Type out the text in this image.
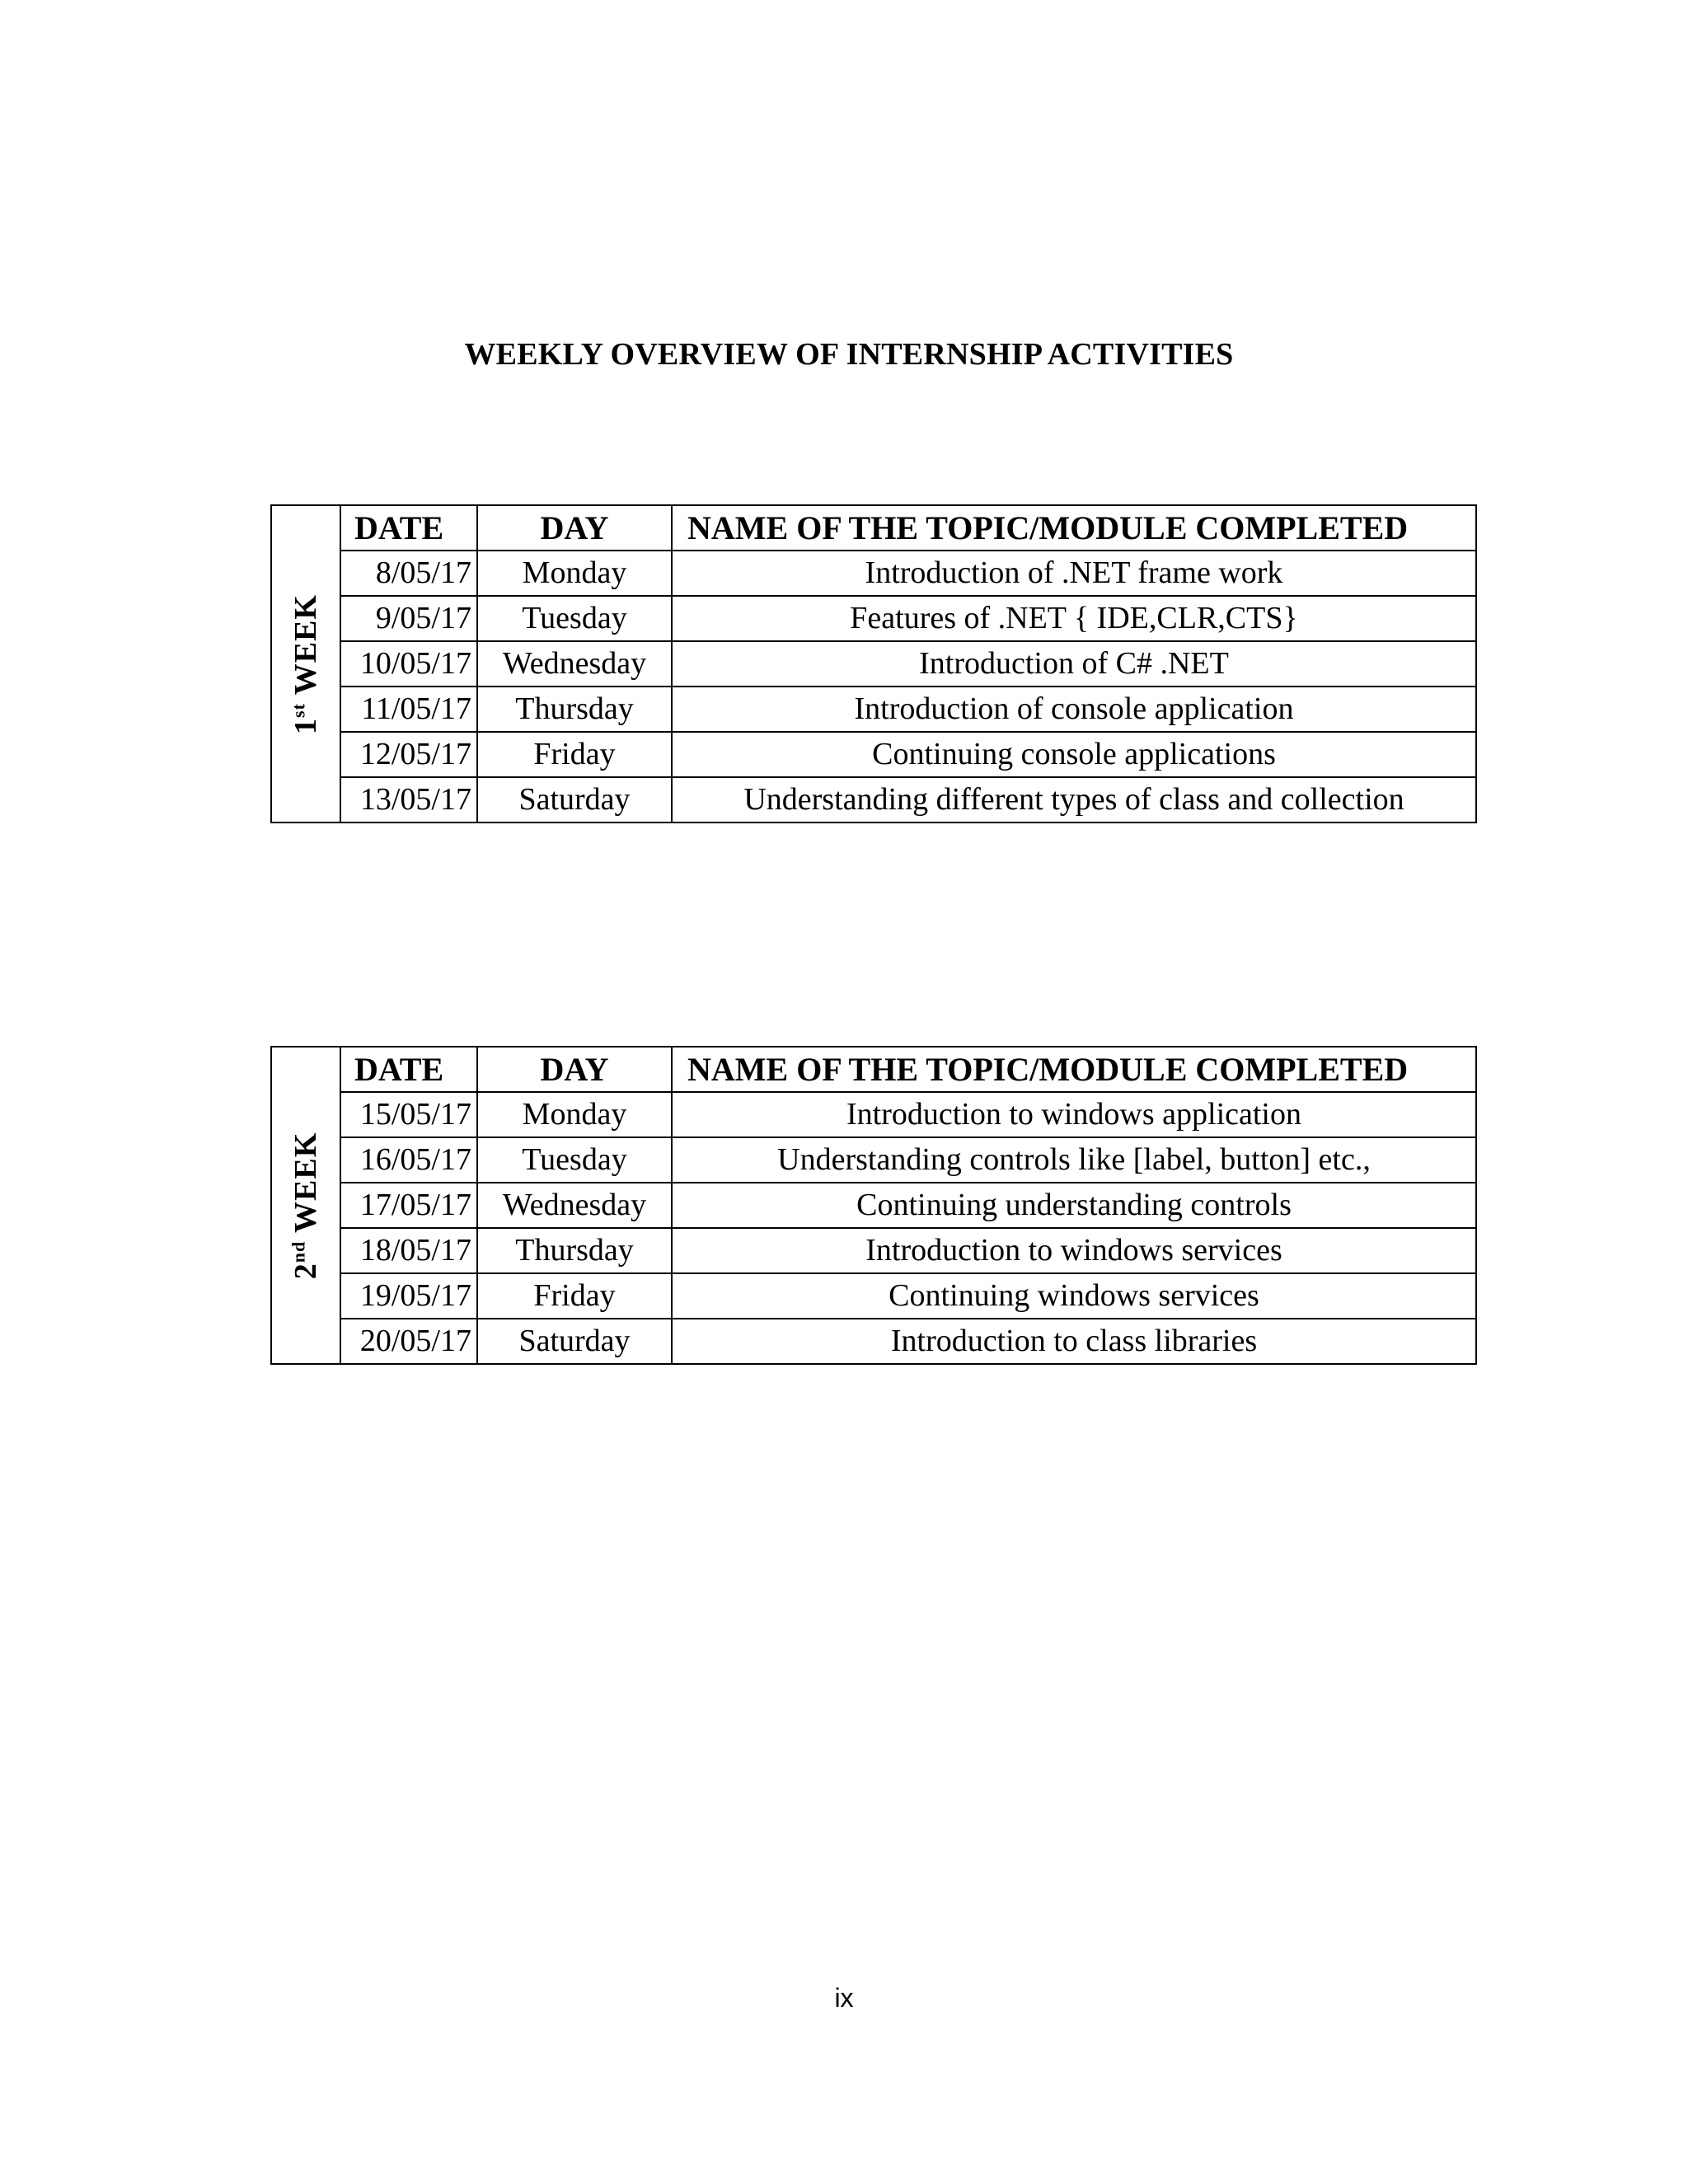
WEEKLY OVERVIEW OF INTERNSHIP ACTIVITIES
1st WEEK	DATE	DAY	NAME OF THE TOPIC/MODULE COMPLETED
	8/05/17	Monday	Introduction of .NET frame work
	9/05/17	Tuesday	Features of .NET { IDE,CLR,CTS}
	10/05/17	Wednesday	Introduction of C# .NET
	11/05/17	Thursday	Introduction of console application
	12/05/17	Friday	Continuing console applications
	13/05/17	Saturday	Understanding different types of class and collection
2nd WEEK	DATE	DAY	NAME OF THE TOPIC/MODULE COMPLETED
	15/05/17	Monday	Introduction to windows application
	16/05/17	Tuesday	Understanding controls like [label, button] etc.,
	17/05/17	Wednesday	Continuing understanding controls
	18/05/17	Thursday	Introduction to windows services
	19/05/17	Friday	Continuing windows services
	20/05/17	Saturday	Introduction to class libraries
ix
